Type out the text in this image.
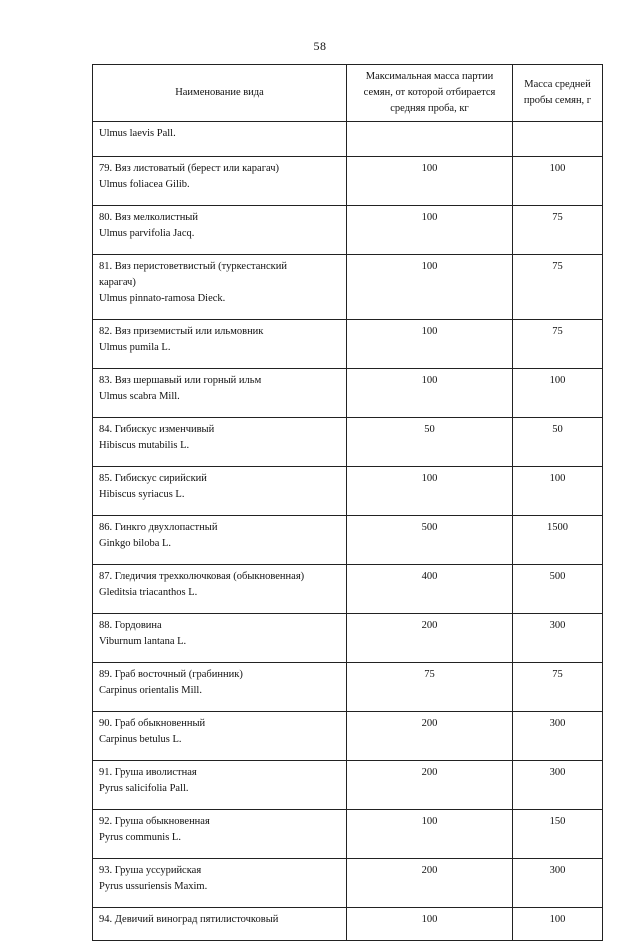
58
Наименование вида	Максимальная масса партии
семян, от которой отбирается
средняя проба, кг	Масса средней
пробы семян, г

Ulmus laevis Pall.		

79. Вяз листоватый (берест или карагач)
Ulmus foliacea Gilib.	100	100

80. Вяз мелколистный
Ulmus parvifolia Jacq.	100	75

81. Вяз перистоветвистый (туркестанский
карагач)
Ulmus pinnato-ramosa Dieck.	100	75

82. Вяз приземистый или ильмовник
Ulmus pumila L.	100	75

83. Вяз шершавый или горный ильм
Ulmus scabra Mill.	100	100

84. Гибискус изменчивый
Hibiscus mutabilis L.	50	50

85. Гибискус сирийский
Hibiscus syriacus L.	100	100

86. Гинкго двухлопастный
Ginkgo biloba L.	500	1500

87. Гледичия трехколючковая (обыкновенная)
Gleditsia triacanthos L.	400	500

88. Гордовина
Viburnum lantana L.	200	300

89. Граб восточный (грабинник)
Carpinus orientalis Mill.	75	75

90. Граб обыкновенный
Carpinus betulus L.	200	300

91. Груша иволистная
Pyrus salicifolia Pall.	200	300

92. Груша обыкновенная
Pyrus communis L.	100	150

93. Груша уссурийская
Pyrus ussuriensis Maxim.	200	300

94. Девичий виноград пятилисточковый	100	100
